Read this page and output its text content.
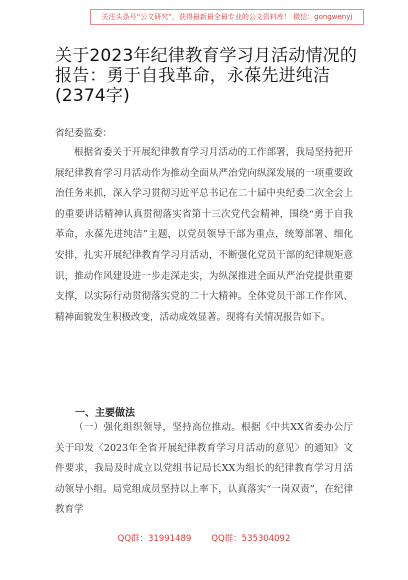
关注头条号“公文研究”，获得最新最全最专业的公文资料库！ 微信：gongwenyj
关于2023年纪律教育学习月活动情况的报告：勇于自我革命，永葆先进纯洁(2374字)
省纪委监委：

根据省委关于开展纪律教育学习月活动的工作部署，我局坚持把开展纪律教育学习月活动作为推动全面从严治党向纵深发展的一项重要政治任务来抓，深入学习贯彻习近平总书记在二十届中央纪委二次全会上的重要讲话精神认真贯彻落实省第十三次党代会精神，围绕“勇于自我革命，永葆先进纯洁”主题，以党员领导干部为重点，统筹部署、细化安排，扎实开展纪律教育学习月活动，不断强化党员干部的纪律规矩意识，推动作风建设进一步走深走实，为纵深推进全面从严治党提供重要支撑，以实际行动贯彻落实党的二十大精神。全体党员干部工作作风、精神面貌发生积极改变，活动成效显著。现将有关情况报告如下。

一、主要做法

（一）强化组织领导，坚持高位推动。根据《中共XX省委办公厅关于印发〈2023年全省开展纪律教育学习月活动的意见〉的通知》文件要求，我局及时成立以党组书记局长XX为组长的纪律教育学习月活动领导小组。局党组成员坚持以上率下，认真落实“一岗双责”，在纪律教育学

QQ群：31991489 QQ群：535304092
